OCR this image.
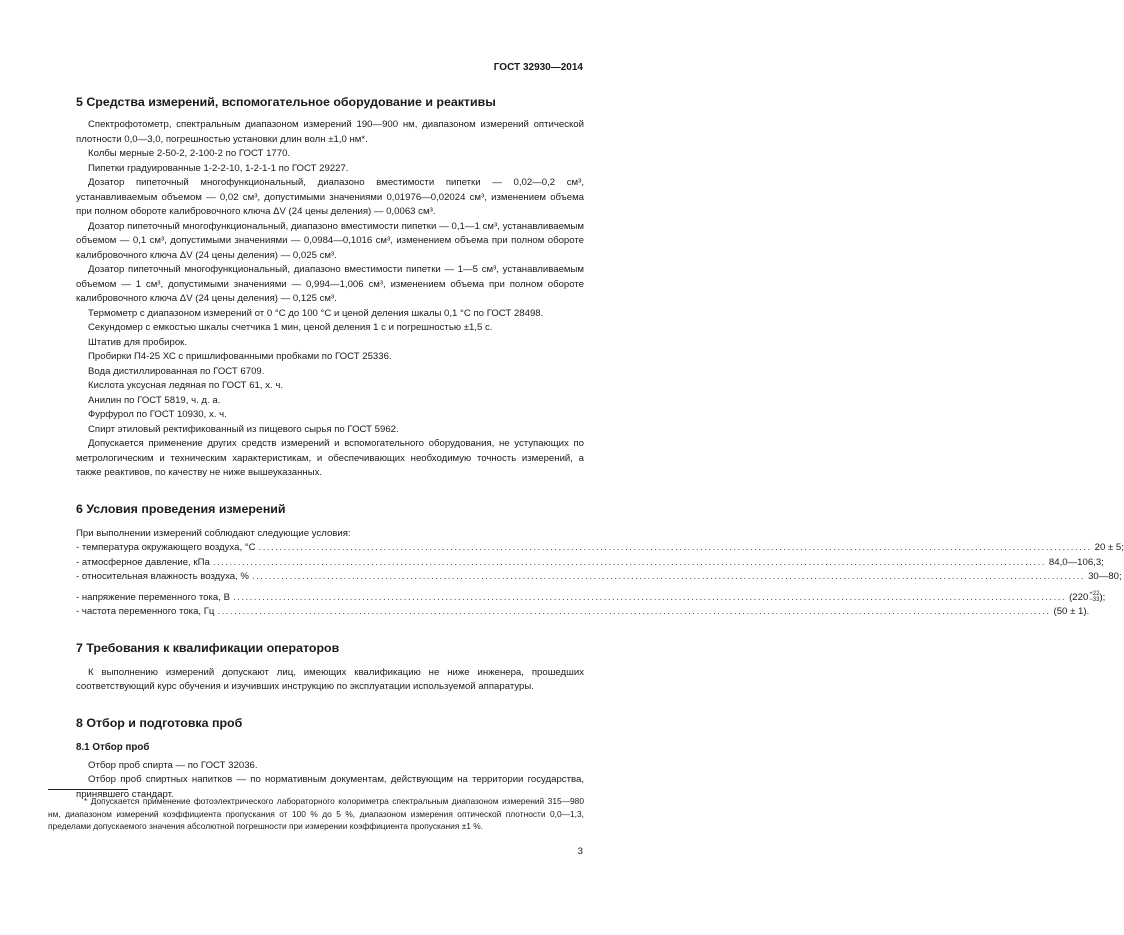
ГОСТ 32930—2014
5 Средства измерений, вспомогательное оборудование и реактивы
Спектрофотометр, спектральным диапазоном измерений 190—900 нм, диапазоном измерений оптической плотности 0,0—3,0, погрешностью установки длин волн ±1,0 нм*.
Колбы мерные 2-50-2, 2-100-2 по ГОСТ 1770.
Пипетки градуированные 1-2-2-10, 1-2-1-1 по ГОСТ 29227.
Дозатор пипеточный многофункциональный, диапазоно вместимости пипетки — 0,02—0,2 см³, устанавливаемым объемом — 0,02 см³, допустимыми значениями 0,01976—0,02024 см³, изменением объема при полном обороте калибровочного ключа ΔV (24 цены деления) — 0,0063 см³.
Дозатор пипеточный многофункциональный, диапазоно вместимости пипетки — 0,1—1 см³, устанавливаемым объемом — 0,1 см³, допустимыми значениями — 0,0984—0,1016 см³, изменением объема при полном обороте калибровочного ключа ΔV (24 цены деления) — 0,025 см³.
Дозатор пипеточный многофункциональный, диапазоно вместимости пипетки — 1—5 см³, устанавливаемым объемом — 1 см³, допустимыми значениями — 0,994—1,006 см³, изменением объема при полном обороте калибровочного ключа ΔV (24 цены деления) — 0,125 см³.
Термометр с диапазоном измерений от 0 °С до 100 °С и ценой деления шкалы 0,1 °С по ГОСТ 28498.
Секундомер с емкостью шкалы счетчика 1 мин, ценой деления 1 с и погрешностью ±1,5 с.
Штатив для пробирок.
Пробирки П4-25 ХС с пришлифованными пробками по ГОСТ 25336.
Вода дистиллированная по ГОСТ 6709.
Кислота уксусная ледяная по ГОСТ 61, х. ч.
Анилин по ГОСТ 5819, ч. д. а.
Фурфурол по ГОСТ 10930, х. ч.
Спирт этиловый ректификованный из пищевого сырья по ГОСТ 5962.
Допускается применение других средств измерений и вспомогательного оборудования, не уступающих по метрологическим и техническим характеристикам, и обеспечивающих необходимую точность измерений, а также реактивов, по качеству не ниже вышеуказанных.
6 Условия проведения измерений
При выполнении измерений соблюдают следующие условия:
- температура окружающего воздуха, °С ........................................................................................................................................................................................................ 20 ± 5;
- атмосферное давление, кПа ........................................................................................................................................................................................................ 84,0—106,3;
- относительная влажность воздуха, % ........................................................................................................................................................................................................ 30—80;
- напряжение переменного тока, В ........................................................................................................................................................................................................ (220 +22
−33 );
- частота переменного тока, Гц ........................................................................................................................................................................................................ (50 ± 1).
7 Требования к квалификации операторов
К выполнению измерений допускают лиц, имеющих квалификацию не ниже инженера, прошедших соответствующий курс обучения и изучивших инструкцию по эксплуатации используемой аппаратуры.
8 Отбор и подготовка проб
8.1 Отбор проб
Отбор проб спирта — по ГОСТ 32036.
Отбор проб спиртных напитков — по нормативным документам, действующим на территории государства, принявшего стандарт.
* Допускается применение фотоэлектрического лабораторного колориметра спектральным диапазоном измерений 315—980 нм, диапазоном измерений коэффициента пропускания от 100 % до 5 %, диапазоном измерения оптической плотности 0,0—1,3, пределами допускаемого значения абсолютной погрешности при измерении коэффициента пропускания ±1 %.
3
